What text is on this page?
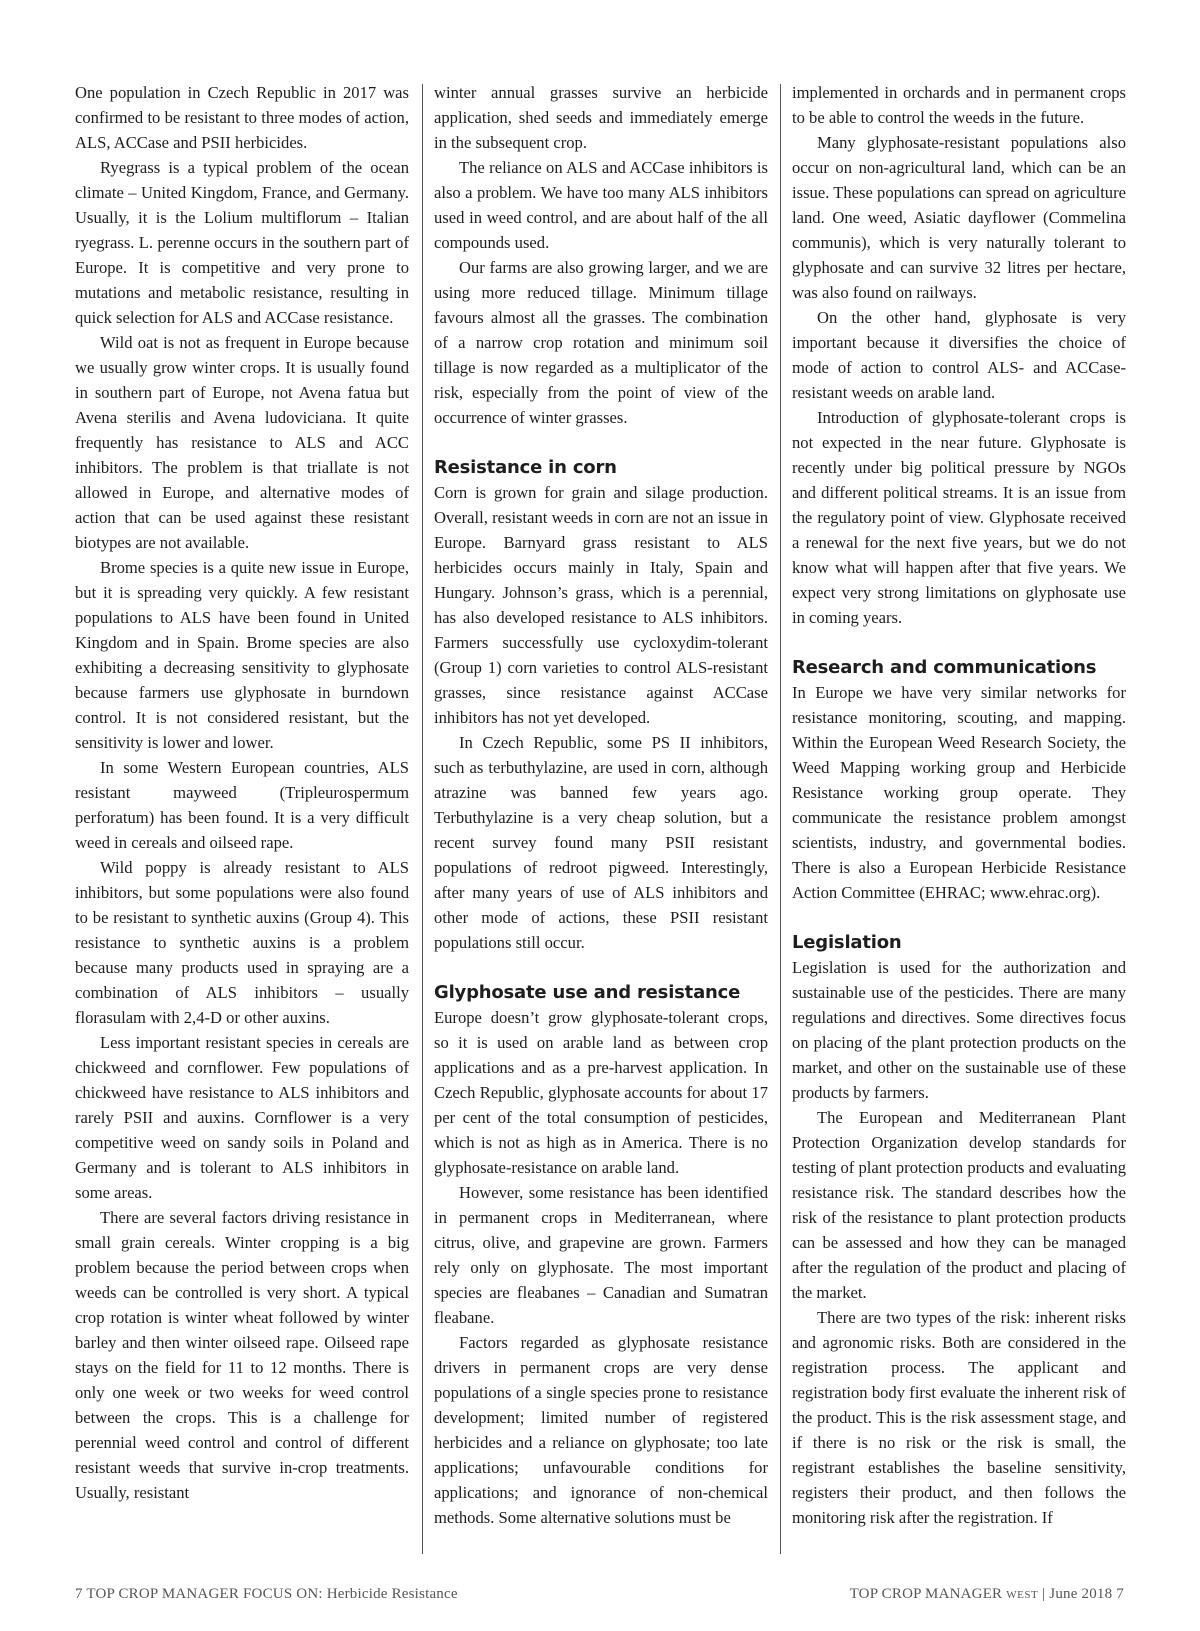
One population in Czech Republic in 2017 was confirmed to be resistant to three modes of action, ALS, ACCase and PSII herbicides.

Ryegrass is a typical problem of the ocean climate – United Kingdom, France, and Germany. Usually, it is the Lolium multiflorum – Italian ryegrass. L. perenne occurs in the southern part of Europe. It is competitive and very prone to mutations and metabolic resistance, resulting in quick selection for ALS and ACCase resistance.

Wild oat is not as frequent in Europe because we usually grow winter crops. It is usually found in southern part of Europe, not Avena fatua but Avena sterilis and Avena ludoviciana. It quite frequently has resistance to ALS and ACC inhibitors. The problem is that triallate is not allowed in Europe, and alternative modes of action that can be used against these resistant biotypes are not available.

Brome species is a quite new issue in Europe, but it is spreading very quickly. A few resistant populations to ALS have been found in United Kingdom and in Spain. Brome species are also exhibiting a decreasing sensitivity to glyphosate because farmers use glyphosate in burndown control. It is not considered resistant, but the sensitivity is lower and lower.

In some Western European countries, ALS resistant mayweed (Tripleurospermum perforatum) has been found. It is a very difficult weed in cereals and oilseed rape.

Wild poppy is already resistant to ALS inhibitors, but some populations were also found to be resistant to synthetic auxins (Group 4). This resistance to synthetic auxins is a problem because many products used in spraying are a combination of ALS inhibitors – usually florasulam with 2,4-D or other auxins.

Less important resistant species in cereals are chickweed and cornflower. Few populations of chickweed have resistance to ALS inhibitors and rarely PSII and auxins. Cornflower is a very competitive weed on sandy soils in Poland and Germany and is tolerant to ALS inhibitors in some areas.

There are several factors driving resistance in small grain cereals. Winter cropping is a big problem because the period between crops when weeds can be controlled is very short. A typical crop rotation is winter wheat followed by winter barley and then winter oilseed rape. Oilseed rape stays on the field for 11 to 12 months. There is only one week or two weeks for weed control between the crops. This is a challenge for perennial weed control and control of different resistant weeds that survive in-crop treatments. Usually, resistant

winter annual grasses survive an herbicide application, shed seeds and immediately emerge in the subsequent crop.

The reliance on ALS and ACCase inhibitors is also a problem. We have too many ALS inhibitors used in weed control, and are about half of the all compounds used.

Our farms are also growing larger, and we are using more reduced tillage. Minimum tillage favours almost all the grasses. The combination of a narrow crop rotation and minimum soil tillage is now regarded as a multiplicator of the risk, especially from the point of view of the occurrence of winter grasses.

Resistance in corn

Corn is grown for grain and silage production. Overall, resistant weeds in corn are not an issue in Europe. Barnyard grass resistant to ALS herbicides occurs mainly in Italy, Spain and Hungary. Johnson’s grass, which is a perennial, has also developed resistance to ALS inhibitors. Farmers successfully use cycloxydim-tolerant (Group 1) corn varieties to control ALS-resistant grasses, since resistance against ACCase inhibitors has not yet developed.

In Czech Republic, some PS II inhibitors, such as terbuthylazine, are used in corn, although atrazine was banned few years ago. Terbuthylazine is a very cheap solution, but a recent survey found many PSII resistant populations of redroot pigweed. Interestingly, after many years of use of ALS inhibitors and other mode of actions, these PSII resistant populations still occur.

Glyphosate use and resistance

Europe doesn’t grow glyphosate-tolerant crops, so it is used on arable land as between crop applications and as a pre-harvest application. In Czech Republic, glyphosate accounts for about 17 per cent of the total consumption of pesticides, which is not as high as in America. There is no glyphosate-resistance on arable land.

However, some resistance has been identified in permanent crops in Mediterranean, where citrus, olive, and grapevine are grown. Farmers rely only on glyphosate. The most important species are fleabanes – Canadian and Sumatran fleabane.

Factors regarded as glyphosate resistance drivers in permanent crops are very dense populations of a single species prone to resistance development; limited number of registered herbicides and a reliance on glyphosate; too late applications; unfavourable conditions for applications; and ignorance of non-chemical methods. Some alternative solutions must be

implemented in orchards and in permanent crops to be able to control the weeds in the future.

Many glyphosate-resistant populations also occur on non-agricultural land, which can be an issue. These populations can spread on agriculture land. One weed, Asiatic dayflower (Commelina communis), which is very naturally tolerant to glyphosate and can survive 32 litres per hectare, was also found on railways.

On the other hand, glyphosate is very important because it diversifies the choice of mode of action to control ALS- and ACCase-resistant weeds on arable land.

Introduction of glyphosate-tolerant crops is not expected in the near future. Glyphosate is recently under big political pressure by NGOs and different political streams. It is an issue from the regulatory point of view. Glyphosate received a renewal for the next five years, but we do not know what will happen after that five years. We expect very strong limitations on glyphosate use in coming years.

Research and communications

In Europe we have very similar networks for resistance monitoring, scouting, and mapping. Within the European Weed Research Society, the Weed Mapping working group and Herbicide Resistance working group operate. They communicate the resistance problem amongst scientists, industry, and governmental bodies. There is also a European Herbicide Resistance Action Committee (EHRAC; www.ehrac.org).

Legislation

Legislation is used for the authorization and sustainable use of the pesticides. There are many regulations and directives. Some directives focus on placing of the plant protection products on the market, and other on the sustainable use of these products by farmers.

The European and Mediterranean Plant Protection Organization develop standards for testing of plant protection products and evaluating resistance risk. The standard describes how the risk of the resistance to plant protection products can be assessed and how they can be managed after the regulation of the product and placing of the market.

There are two types of the risk: inherent risks and agronomic risks. Both are considered in the registration process. The applicant and registration body first evaluate the inherent risk of the product. This is the risk assessment stage, and if there is no risk or the risk is small, the registrant establishes the baseline sensitivity, registers their product, and then follows the monitoring risk after the registration. If

7 TOP CROP MANAGER FOCUS ON: Herbicide Resistance	TOP CROP MANAGER WEST | June 2018 7
